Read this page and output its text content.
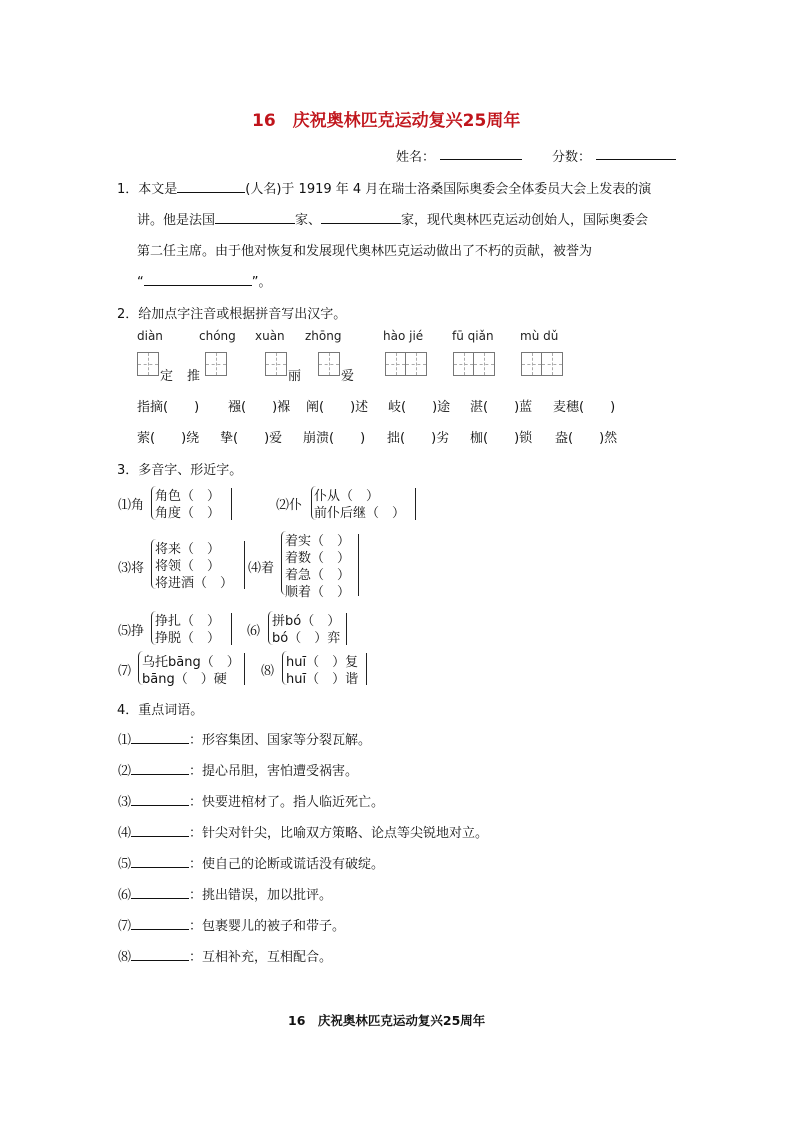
16　庆祝奥林匹克运动复兴25周年
姓名：	分数：
1．本文是	(人名)于 1919 年 4 月在瑞士洛桑国际奥委会全体委员大会上发表的演
讲。他是法国	家、	家，现代奥林匹克运动创始人，国际奥委会
第二任主席。由于他对恢复和发展现代奥林匹克运动做出了不朽的贡献，被誉为
“	”。
2．给加点字注音或根据拼音写出汉字。
diàn	chóng xuàn zhōng	hào jié fū qiǎn mù dǔ
定 推	丽	爱
指摘(　　) 襁(　　)褓 阐(　　)述 岐(　　)途 湛(　　)蓝 麦穗(　　)
萦(　　)绕 挚(　　)爱 崩溃(　　) 拙(　　)劣 枷(　　)锁 盎(　　)然
3．多音字、形近字。
⑴角
角色（　）
角度（　）
⑵仆
仆从（　）
前仆后继（　）
⑶将
将来（　）
将领（　）
将进酒（　）
⑷着
着实（　）
着数（　）
着急（　）
顺着（　）
⑸挣
挣扎（　）
挣脱（　） ⑹
拼bó（　）
bó（　）弈
⑺
乌托bāng（　）
bāng（　）硬
⑻
huī（　）复
huī（　）谐
4．重点词语。
⑴	：形容集团、国家等分裂瓦解。
⑵	：提心吊胆，害怕遭受祸害。
⑶	：快要进棺材了。指人临近死亡。
⑷	：针尖对针尖，比喻双方策略、论点等尖锐地对立。
⑸	：使自己的论断或谎话没有破绽。
⑹	：挑出错误，加以批评。
⑺	：包裹婴儿的被子和带子。
⑻	：互相补充，互相配合。
16　庆祝奥林匹克运动复兴25周年
